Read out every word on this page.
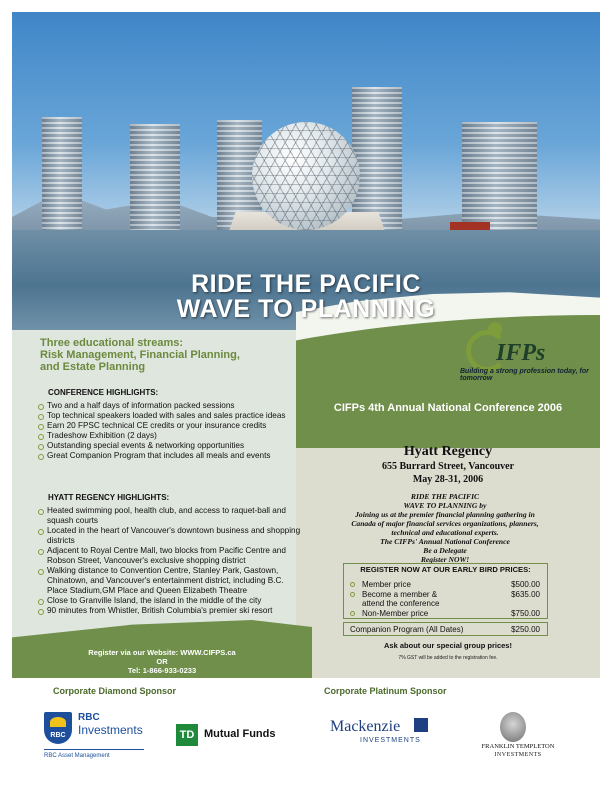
RIDE THE PACIFIC
WAVE TO PLANNING
Three educational streams:
Risk Management, Financial Planning,
and Estate Planning
IFPs
Building a strong profession today, for tomorrow
CONFERENCE HIGHLIGHTS:
Two and a half days of information packed sessions
Top technical speakers loaded with sales and sales practice ideas
Earn 20 FPSC technical CE credits or your insurance credits
Tradeshow Exhibition (2 days)
Outstanding special events & networking opportunities
Great Companion Program that includes all meals and events
HYATT REGENCY HIGHLIGHTS:
Heated swimming pool, health club, and access to raquet-ball and squash courts
Located in the heart of Vancouver's downtown business and shopping districts
Adjacent to Royal Centre Mall, two blocks from Pacific Centre and Robson Street, Vancouver's exclusive shopping district
Walking distance to Convention Centre, Stanley Park, Gastown, Chinatown, and Vancouver's entertainment district, including B.C. Place Stadium,GM Place and Queen Elizabeth Theatre
Close to Granville Island, the island in the middle of the city
90 minutes from Whistler, British Columbia's premier ski resort
Register via our Website: WWW.CIFPS.ca
OR
Tel: 1-866-933-0233
CIFPs 4th Annual National Conference 2006
Hyatt Regency
655 Burrard Street, Vancouver
May 28-31, 2006
RIDE THE PACIFIC
WAVE TO PLANNING by
Joining us at the premier financial planning gathering in
Canada of major financial services organizations, planners,
technical and educational experts.
The CIFPs' Annual National Conference
Be a Delegate
Register NOW!
REGISTER NOW AT OUR EARLY BIRD PRICES:
Member price	$500.00
Become a member &	$635.00
attend the conference
Non-Member price	$750.00
Companion Program (All Dates)	$250.00
Ask about our special group prices!
7% GST will be added to the registration fee.
Corporate Diamond Sponsor	Corporate Platinum Sponsor
RBC
RBC
Investments
RBC Asset Management
TD Mutual Funds	Mackenzie
INVESTMENTS
FRANKLIN TEMPLETON
INVESTMENTS
